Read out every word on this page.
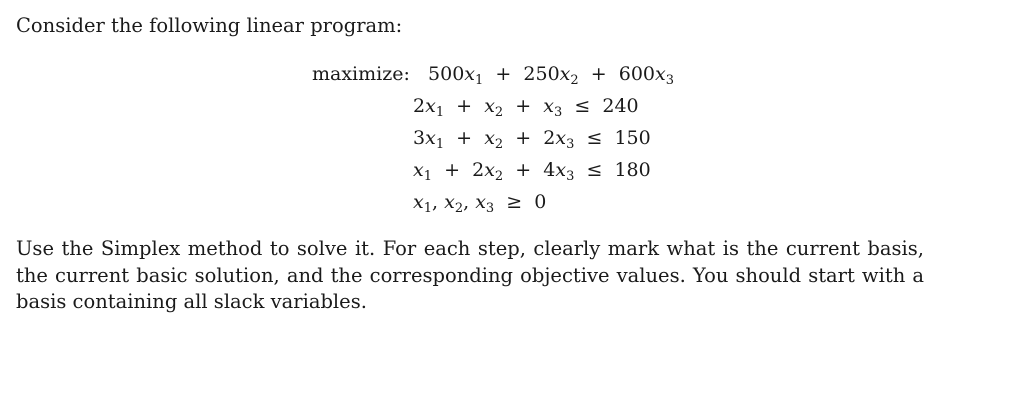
Consider the following linear program:
maximize: $500x_1 + 250x_2 + 600x_3$
$2x_1 + x_2 + x_3 \le 240$
$3x_1 + x_2 + 2x_3 \le 150$
$x_1 + 2x_2 + 4x_3 \le 180$
$x_1$, $x_2$, $x_3 \ge 0$
Use the Simplex method to solve it. For each step, clearly mark what is the current basis, the current basic solution, and the corresponding objective values. You should start with a basis containing all slack variables.
